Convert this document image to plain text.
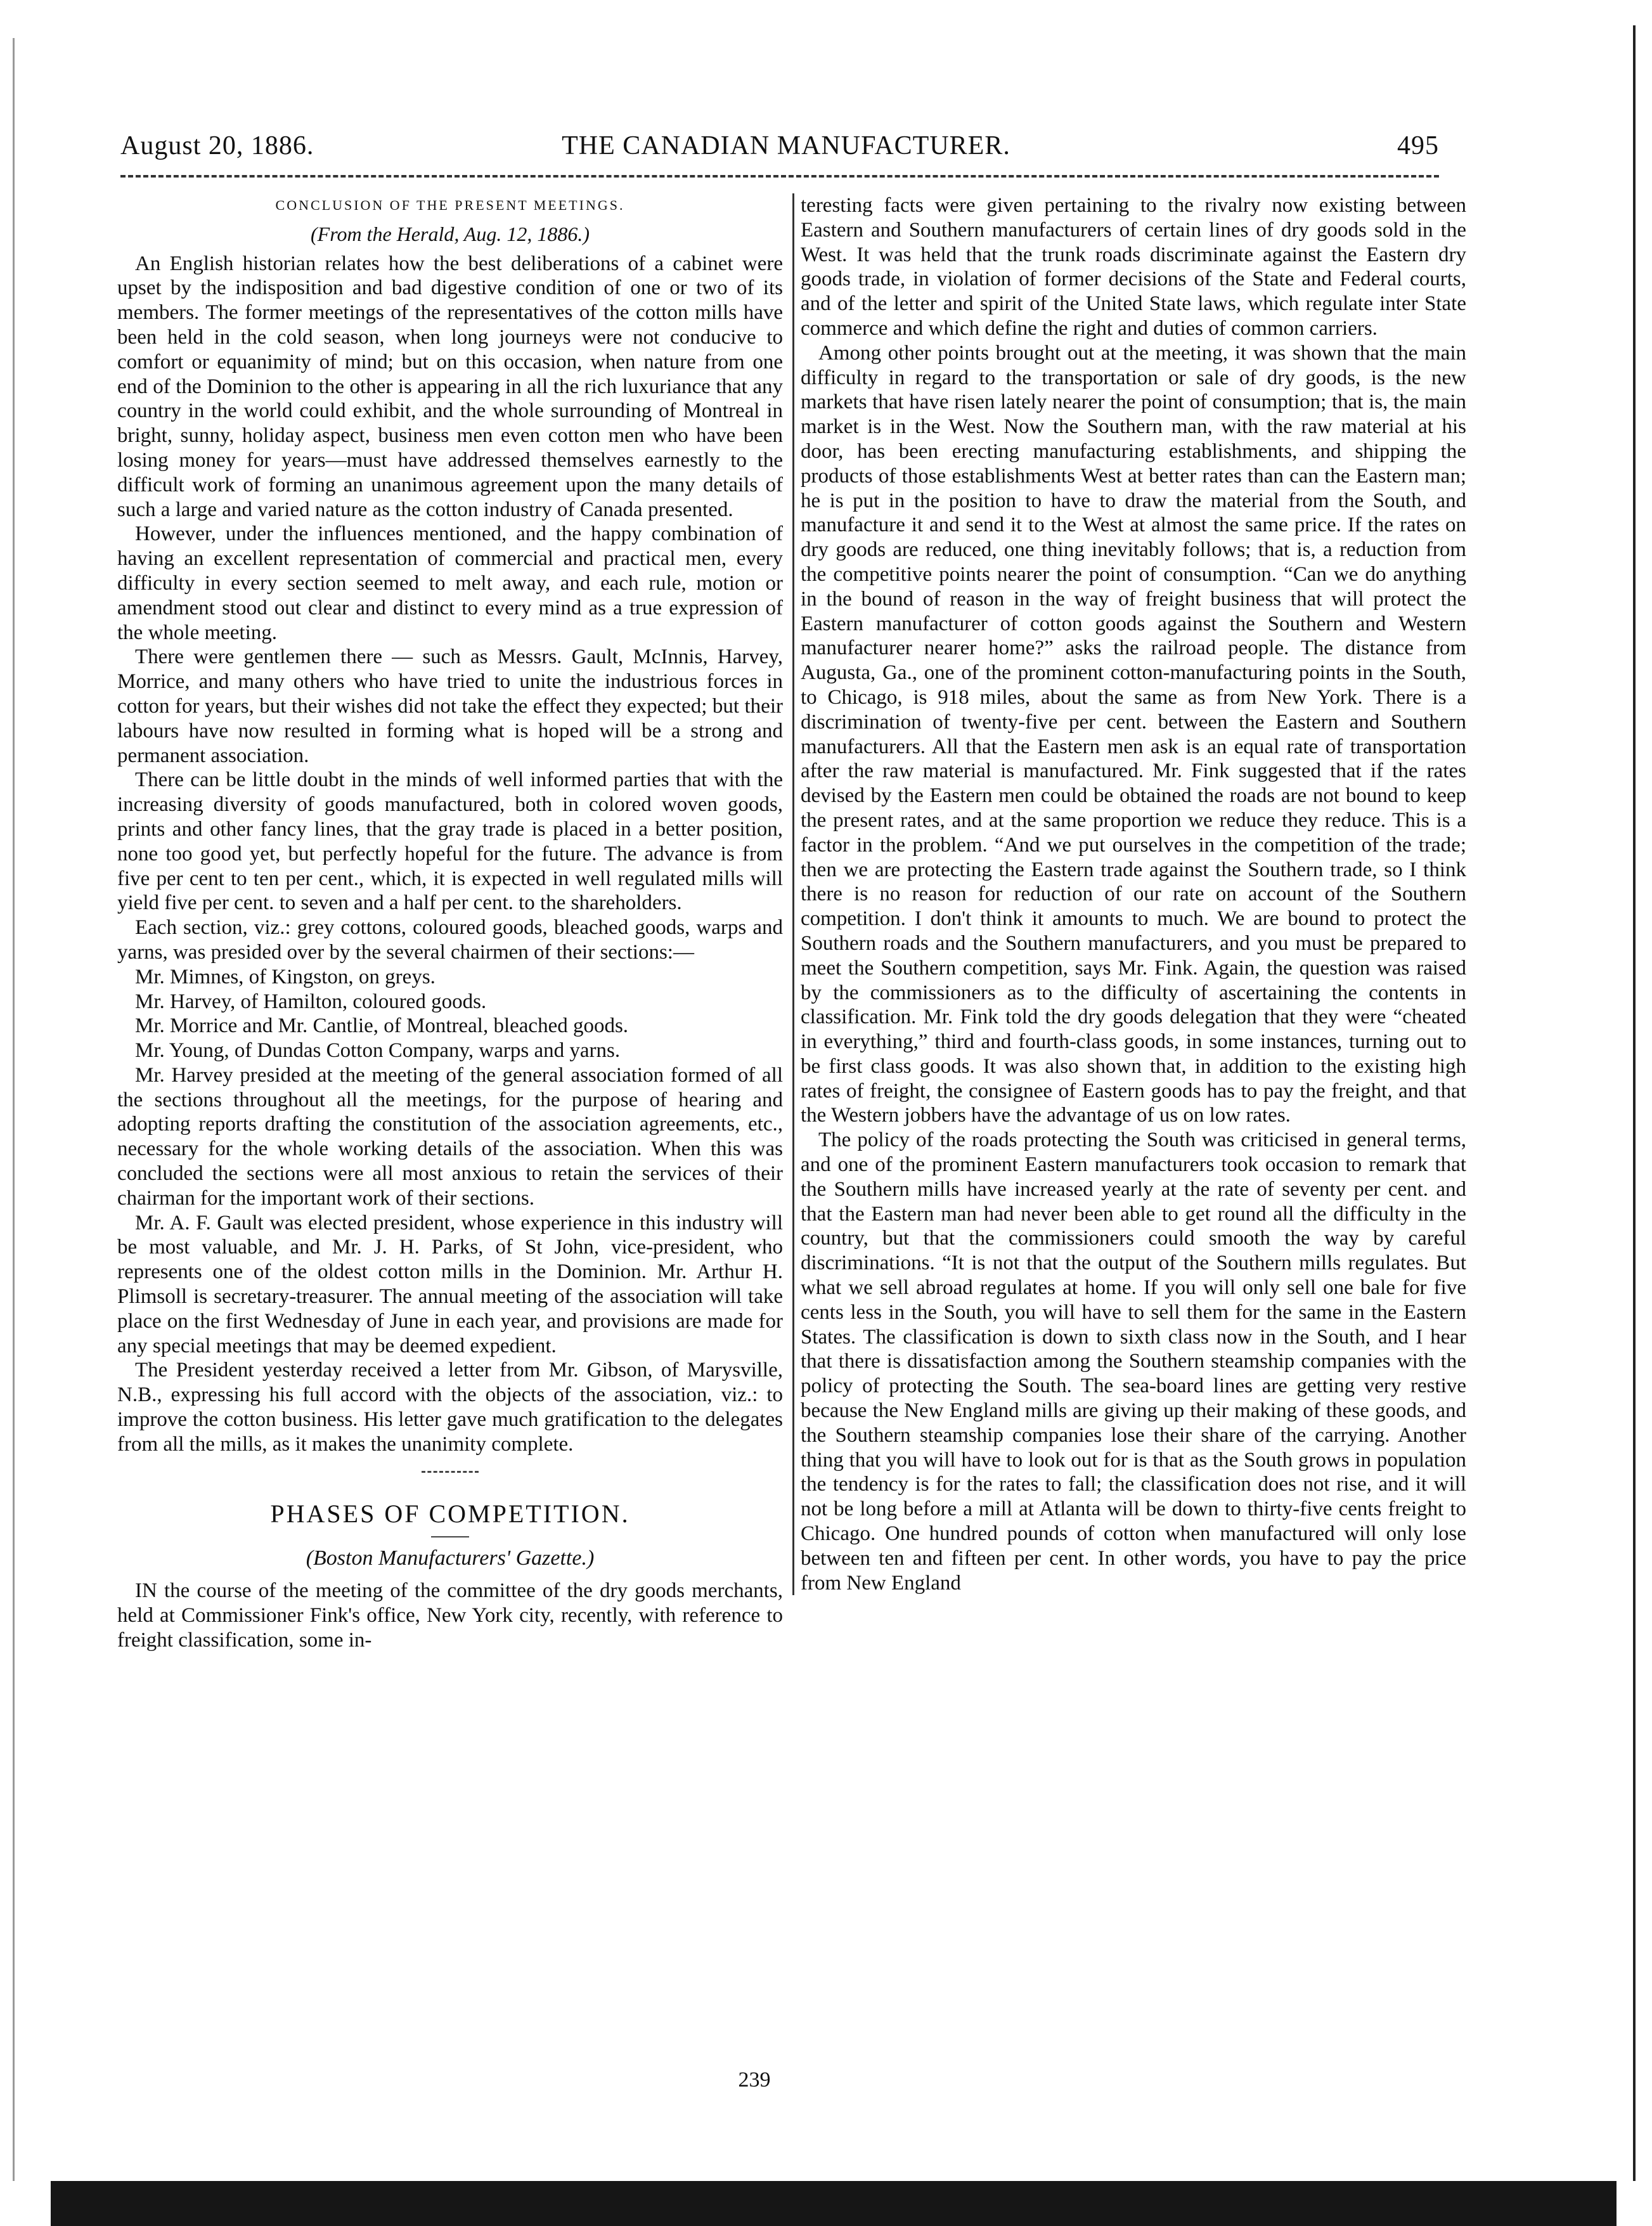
August 20, 1886.	THE CANADIAN MANUFACTURER.	495
CONCLUSION OF THE PRESENT MEETINGS.
(From the Herald, Aug. 12, 1886.)

An English historian relates how the best deliberations of a cabinet were upset by the indisposition and bad digestive condition of one or two of its members. The former meetings of the representatives of the cotton mills have been held in the cold season, when long journeys were not conducive to comfort or equanimity of mind; but on this occasion, when nature from one end of the Dominion to the other is appearing in all the rich luxuriance that any country in the world could exhibit, and the whole surrounding of Montreal in bright, sunny, holiday aspect, business men even cotton men who have been losing money for years—must have addressed themselves earnestly to the difficult work of forming an unanimous agreement upon the many details of such a large and varied nature as the cotton industry of Canada presented.

However, under the influences mentioned, and the happy combination of having an excellent representation of commercial and practical men, every difficulty in every section seemed to melt away, and each rule, motion or amendment stood out clear and distinct to every mind as a true expression of the whole meeting.

There were gentlemen there — such as Messrs. Gault, McInnis, Harvey, Morrice, and many others who have tried to unite the industrious forces in cotton for years, but their wishes did not take the effect they expected; but their labours have now resulted in forming what is hoped will be a strong and permanent association.

There can be little doubt in the minds of well informed parties that with the increasing diversity of goods manufactured, both in colored woven goods, prints and other fancy lines, that the gray trade is placed in a better position, none too good yet, but perfectly hopeful for the future. The advance is from five per cent to ten per cent., which, it is expected in well regulated mills will yield five per cent. to seven and a half per cent. to the shareholders.

Each section, viz.: grey cottons, coloured goods, bleached goods, warps and yarns, was presided over by the several chairmen of their sections:—

Mr. Mimnes, of Kingston, on greys.

Mr. Harvey, of Hamilton, coloured goods.

Mr. Morrice and Mr. Cantlie, of Montreal, bleached goods.

Mr. Young, of Dundas Cotton Company, warps and yarns.

Mr. Harvey presided at the meeting of the general association formed of all the sections throughout all the meetings, for the purpose of hearing and adopting reports drafting the constitution of the association agreements, etc., necessary for the whole working details of the association. When this was concluded the sections were all most anxious to retain the services of their chairman for the important work of their sections.

Mr. A. F. Gault was elected president, whose experience in this industry will be most valuable, and Mr. J. H. Parks, of St John, vice-president, who represents one of the oldest cotton mills in the Dominion. Mr. Arthur H. Plimsoll is secretary-treasurer. The annual meeting of the association will take place on the first Wednesday of June in each year, and provisions are made for any special meetings that may be deemed expedient.

The President yesterday received a letter from Mr. Gibson, of Marysville, N.B., expressing his full accord with the objects of the association, viz.: to improve the cotton business. His letter gave much gratification to the delegates from all the mills, as it makes the unanimity complete.

PHASES OF COMPETITION.
(Boston Manufacturers' Gazette.)

IN the course of the meeting of the committee of the dry goods merchants, held at Commissioner Fink's office, New York city, recently, with reference to freight classification, some in-

teresting facts were given pertaining to the rivalry now existing between Eastern and Southern manufacturers of certain lines of dry goods sold in the West. It was held that the trunk roads discriminate against the Eastern dry goods trade, in violation of former decisions of the State and Federal courts, and of the letter and spirit of the United State laws, which regulate inter State commerce and which define the right and duties of common carriers.

Among other points brought out at the meeting, it was shown that the main difficulty in regard to the transportation or sale of dry goods, is the new markets that have risen lately nearer the point of consumption; that is, the main market is in the West. Now the Southern man, with the raw material at his door, has been erecting manufacturing establishments, and shipping the products of those establishments West at better rates than can the Eastern man; he is put in the position to have to draw the material from the South, and manufacture it and send it to the West at almost the same price. If the rates on dry goods are reduced, one thing inevitably follows; that is, a reduction from the competitive points nearer the point of consumption. “Can we do anything in the bound of reason in the way of freight business that will protect the Eastern manufacturer of cotton goods against the Southern and Western manufacturer nearer home?” asks the railroad people. The distance from Augusta, Ga., one of the prominent cotton-manufacturing points in the South, to Chicago, is 918 miles, about the same as from New York. There is a discrimination of twenty-five per cent. between the Eastern and Southern manufacturers. All that the Eastern men ask is an equal rate of transportation after the raw material is manufactured. Mr. Fink suggested that if the rates devised by the Eastern men could be obtained the roads are not bound to keep the present rates, and at the same proportion we reduce they reduce. This is a factor in the problem. “And we put ourselves in the competition of the trade; then we are protecting the Eastern trade against the Southern trade, so I think there is no reason for reduction of our rate on account of the Southern competition. I don't think it amounts to much. We are bound to protect the Southern roads and the Southern manufacturers, and you must be prepared to meet the Southern competition, says Mr. Fink. Again, the question was raised by the commissioners as to the difficulty of ascertaining the contents in classification. Mr. Fink told the dry goods delegation that they were “cheated in everything,” third and fourth-class goods, in some instances, turning out to be first class goods. It was also shown that, in addition to the existing high rates of freight, the consignee of Eastern goods has to pay the freight, and that the Western jobbers have the advantage of us on low rates.

The policy of the roads protecting the South was criticised in general terms, and one of the prominent Eastern manufacturers took occasion to remark that the Southern mills have increased yearly at the rate of seventy per cent. and that the Eastern man had never been able to get round all the difficulty in the country, but that the commissioners could smooth the way by careful discriminations. “It is not that the output of the Southern mills regulates. But what we sell abroad regulates at home. If you will only sell one bale for five cents less in the South, you will have to sell them for the same in the Eastern States. The classification is down to sixth class now in the South, and I hear that there is dissatisfaction among the Southern steamship companies with the policy of protecting the South. The sea-board lines are getting very restive because the New England mills are giving up their making of these goods, and the Southern steamship companies lose their share of the carrying. Another thing that you will have to look out for is that as the South grows in population the tendency is for the rates to fall; the classification does not rise, and it will not be long before a mill at Atlanta will be down to thirty-five cents freight to Chicago. One hundred pounds of cotton when manufactured will only lose between ten and fifteen per cent. In other words, you have to pay the price from New England

239
